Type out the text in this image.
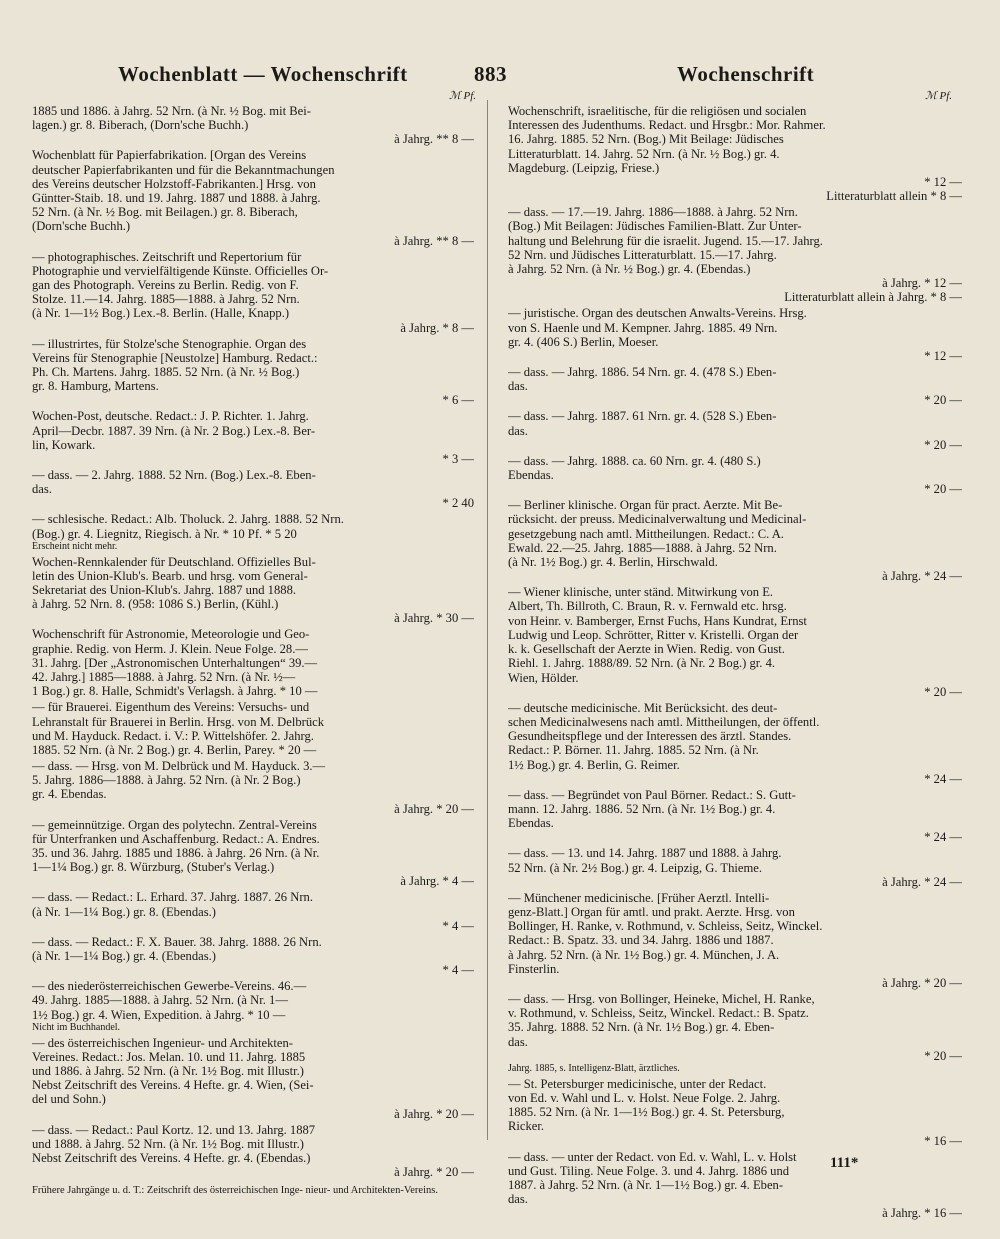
Wochenblatt — Wochenschrift	883	Wochenschrift
ℳ Pf.	ℳ Pf.
1885 und 1886. à Jahrg. 52 Nrn. (à Nr. ½ Bog. mit Bei-
lagen.) gr. 8. Biberach, (Dorn'sche Buchh.)
à Jahrg. ** 8 —
Wochenblatt für Papierfabrikation. [Organ des Vereins
deutscher Papierfabrikanten und für die Bekanntmachungen
des Vereins deutscher Holzstoff-Fabrikanten.] Hrsg. von
Güntter-Staib. 18. und 19. Jahrg. 1887 und 1888. à Jahrg.
52 Nrn. (à Nr. ½ Bog. mit Beilagen.) gr. 8. Biberach,
(Dorn'sche Buchh.)
à Jahrg. ** 8 —
— photographisches. Zeitschrift und Repertorium für
Photographie und vervielfältigende Künste. Officielles Or-
gan des Photograph. Vereins zu Berlin. Redig. von F.
Stolze. 11.—14. Jahrg. 1885—1888. à Jahrg. 52 Nrn.
(à Nr. 1—1½ Bog.) Lex.-8. Berlin. (Halle, Knapp.)
à Jahrg. * 8 —
— illustrirtes, für Stolze'sche Stenographie. Organ des
Vereins für Stenographie [Neustolze] Hamburg. Redact.:
Ph. Ch. Martens. Jahrg. 1885. 52 Nrn. (à Nr. ½ Bog.)
gr. 8. Hamburg, Martens.
* 6 —
Wochen-Post, deutsche. Redact.: J. P. Richter. 1. Jahrg.
April—Decbr. 1887. 39 Nrn. (à Nr. 2 Bog.) Lex.-8. Ber-
lin, Kowark.
* 3 —
— dass. — 2. Jahrg. 1888. 52 Nrn. (Bog.) Lex.-8. Eben-
das.
* 2 40
— schlesische. Redact.: Alb. Tholuck. 2. Jahrg. 1888. 52 Nrn.
(Bog.) gr. 4. Liegnitz, Riegisch. à Nr. * 10 Pf. * 5 20
Erscheint nicht mehr.
Wochen-Rennkalender für Deutschland. Offizielles Bul-
letin des Union-Klub's. Bearb. und hrsg. vom General-
Sekretariat des Union-Klub's. Jahrg. 1887 und 1888.
à Jahrg. 52 Nrn. 8. (958: 1086 S.) Berlin, (Kühl.)
à Jahrg. * 30 —
Wochenschrift für Astronomie, Meteorologie und Geo-
graphie. Redig. von Herm. J. Klein. Neue Folge. 28.—
31. Jahrg. [Der „Astronomischen Unterhaltungen“ 39.—
42. Jahrg.] 1885—1888. à Jahrg. 52 Nrn. (à Nr. ½—
1 Bog.) gr. 8. Halle, Schmidt's Verlagsh. à Jahrg. * 10 —
— für Brauerei. Eigenthum des Vereins: Versuchs- und
Lehranstalt für Brauerei in Berlin. Hrsg. von M. Delbrück
und M. Hayduck. Redact. i. V.: P. Wittelshöfer. 2. Jahrg.
1885. 52 Nrn. (à Nr. 2 Bog.) gr. 4. Berlin, Parey. * 20 —
— dass. — Hrsg. von M. Delbrück und M. Hayduck. 3.—
5. Jahrg. 1886—1888. à Jahrg. 52 Nrn. (à Nr. 2 Bog.)
gr. 4. Ebendas.
à Jahrg. * 20 —
— gemeinnützige. Organ des polytechn. Zentral-Vereins
für Unterfranken und Aschaffenburg. Redact.: A. Endres.
35. und 36. Jahrg. 1885 und 1886. à Jahrg. 26 Nrn. (à Nr.
1—1¼ Bog.) gr. 8. Würzburg, (Stuber's Verlag.)
à Jahrg. * 4 —
— dass. — Redact.: L. Erhard. 37. Jahrg. 1887. 26 Nrn.
(à Nr. 1—1¼ Bog.) gr. 8. (Ebendas.)
* 4 —
— dass. — Redact.: F. X. Bauer. 38. Jahrg. 1888. 26 Nrn.
(à Nr. 1—1¼ Bog.) gr. 4. (Ebendas.)
* 4 —
— des niederösterreichischen Gewerbe-Vereins. 46.—
49. Jahrg. 1885—1888. à Jahrg. 52 Nrn. (à Nr. 1—
1½ Bog.) gr. 4. Wien, Expedition. à Jahrg. * 10 —
Nicht im Buchhandel.
— des österreichischen Ingenieur- und Architekten-
Vereines. Redact.: Jos. Melan. 10. und 11. Jahrg. 1885
und 1886. à Jahrg. 52 Nrn. (à Nr. 1½ Bog. mit Illustr.)
Nebst Zeitschrift des Vereins. 4 Hefte. gr. 4. Wien, (Sei-
del und Sohn.)
à Jahrg. * 20 —
— dass. — Redact.: Paul Kortz. 12. und 13. Jahrg. 1887
und 1888. à Jahrg. 52 Nrn. (à Nr. 1½ Bog. mit Illustr.)
Nebst Zeitschrift des Vereins. 4 Hefte. gr. 4. (Ebendas.)
à Jahrg. * 20 —
Frühere Jahrgänge u. d. T.: Zeitschrift des österreichischen Inge- nieur- und Architekten-Vereins.
Wochenschrift, israelitische, für die religiösen und socialen
Interessen des Judenthums. Redact. und Hrsgbr.: Mor. Rahmer.
16. Jahrg. 1885. 52 Nrn. (Bog.) Mit Beilage: Jüdisches
Litteraturblatt. 14. Jahrg. 52 Nrn. (à Nr. ½ Bog.) gr. 4.
Magdeburg. (Leipzig, Friese.)
* 12 —
Litteraturblatt allein * 8 —
— dass. — 17.—19. Jahrg. 1886—1888. à Jahrg. 52 Nrn.
(Bog.) Mit Beilagen: Jüdisches Familien-Blatt. Zur Unter-
haltung und Belehrung für die israelit. Jugend. 15.—17. Jahrg.
52 Nrn. und Jüdisches Litteraturblatt. 15.—17. Jahrg.
à Jahrg. 52 Nrn. (à Nr. ½ Bog.) gr. 4. (Ebendas.)
à Jahrg. * 12 —
Litteraturblatt allein à Jahrg. * 8 —
— juristische. Organ des deutschen Anwalts-Vereins. Hrsg.
von S. Haenle und M. Kempner. Jahrg. 1885. 49 Nrn.
gr. 4. (406 S.) Berlin, Moeser.
* 12 —
— dass. — Jahrg. 1886. 54 Nrn. gr. 4. (478 S.) Eben-
das.
* 20 —
— dass. — Jahrg. 1887. 61 Nrn. gr. 4. (528 S.) Eben-
das.
* 20 —
— dass. — Jahrg. 1888. ca. 60 Nrn. gr. 4. (480 S.)
Ebendas.
* 20 —
— Berliner klinische. Organ für pract. Aerzte. Mit Be-
rücksicht. der preuss. Medicinalverwaltung und Medicinal-
gesetzgebung nach amtl. Mittheilungen. Redact.: C. A.
Ewald. 22.—25. Jahrg. 1885—1888. à Jahrg. 52 Nrn.
(à Nr. 1½ Bog.) gr. 4. Berlin, Hirschwald.
à Jahrg. * 24 —
— Wiener klinische, unter ständ. Mitwirkung von E.
Albert, Th. Billroth, C. Braun, R. v. Fernwald etc. hrsg.
von Heinr. v. Bamberger, Ernst Fuchs, Hans Kundrat, Ernst
Ludwig und Leop. Schrötter, Ritter v. Kristelli. Organ der
k. k. Gesellschaft der Aerzte in Wien. Redig. von Gust.
Riehl. 1. Jahrg. 1888/89. 52 Nrn. (à Nr. 2 Bog.) gr. 4.
Wien, Hölder.
* 20 —
— deutsche medicinische. Mit Berücksicht. des deut-
schen Medicinalwesens nach amtl. Mittheilungen, der öffentl.
Gesundheitspflege und der Interessen des ärztl. Standes.
Redact.: P. Börner. 11. Jahrg. 1885. 52 Nrn. (à Nr.
1½ Bog.) gr. 4. Berlin, G. Reimer.
* 24 —
— dass. — Begründet von Paul Börner. Redact.: S. Gutt-
mann. 12. Jahrg. 1886. 52 Nrn. (à Nr. 1½ Bog.) gr. 4.
Ebendas.
* 24 —
— dass. — 13. und 14. Jahrg. 1887 und 1888. à Jahrg.
52 Nrn. (à Nr. 2½ Bog.) gr. 4. Leipzig, G. Thieme.
à Jahrg. * 24 —
— Münchener medicinische. [Früher Aerztl. Intelli-
genz-Blatt.] Organ für amtl. und prakt. Aerzte. Hrsg. von
Bollinger, H. Ranke, v. Rothmund, v. Schleiss, Seitz, Winckel.
Redact.: B. Spatz. 33. und 34. Jahrg. 1886 und 1887.
à Jahrg. 52 Nrn. (à Nr. 1½ Bog.) gr. 4. München, J. A.
Finsterlin.
à Jahrg. * 20 —
— dass. — Hrsg. von Bollinger, Heineke, Michel, H. Ranke,
v. Rothmund, v. Schleiss, Seitz, Winckel. Redact.: B. Spatz.
35. Jahrg. 1888. 52 Nrn. (à Nr. 1½ Bog.) gr. 4. Eben-
das.
* 20 —
Jahrg. 1885, s. Intelligenz-Blatt, ärztliches.
— St. Petersburger medicinische, unter der Redact.
von Ed. v. Wahl und L. v. Holst. Neue Folge. 2. Jahrg.
1885. 52 Nrn. (à Nr. 1—1½ Bog.) gr. 4. St. Petersburg,
Ricker.
* 16 —
— dass. — unter der Redact. von Ed. v. Wahl, L. v. Holst
und Gust. Tiling. Neue Folge. 3. und 4. Jahrg. 1886 und
1887. à Jahrg. 52 Nrn. (à Nr. 1—1½ Bog.) gr. 4. Eben-
das.
à Jahrg. * 16 —
111*
